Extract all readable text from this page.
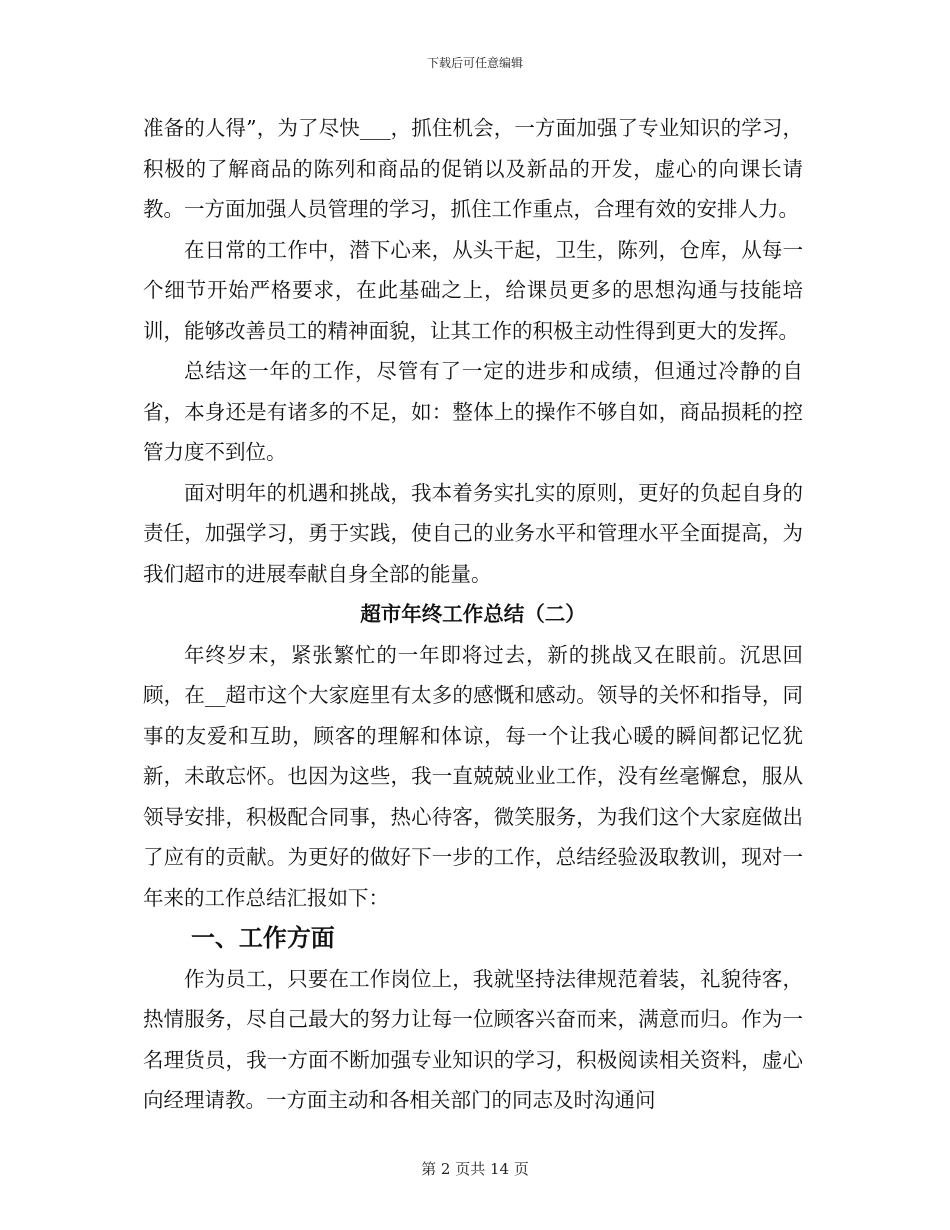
下载后可任意编辑

准备的人得”，为了尽快___，抓住机会，一方面加强了专业知识的学习，积极的了解商品的陈列和商品的促销以及新品的开发，虚心的向课长请教。一方面加强人员管理的学习，抓住工作重点，合理有效的安排人力。

在日常的工作中，潜下心来，从头干起，卫生，陈列，仓库，从每一个细节开始严格要求，在此基础之上，给课员更多的思想沟通与技能培训，能够改善员工的精神面貌，让其工作的积极主动性得到更大的发挥。

总结这一年的工作，尽管有了一定的进步和成绩，但通过冷静的自省，本身还是有诸多的不足，如：整体上的操作不够自如，商品损耗的控管力度不到位。

面对明年的机遇和挑战，我本着务实扎实的原则，更好的负起自身的责任，加强学习，勇于实践，使自己的业务水平和管理水平全面提高，为我们超市的进展奉献自身全部的能量。

超市年终工作总结（二）

年终岁末，紧张繁忙的一年即将过去，新的挑战又在眼前。沉思回顾，在__超市这个大家庭里有太多的感慨和感动。领导的关怀和指导，同事的友爱和互助，顾客的理解和体谅，每一个让我心暖的瞬间都记忆犹新，未敢忘怀。也因为这些，我一直兢兢业业工作，没有丝毫懈怠，服从领导安排，积极配合同事，热心待客，微笑服务，为我们这个大家庭做出了应有的贡献。为更好的做好下一步的工作，总结经验汲取教训，现对一年来的工作总结汇报如下：

一、工作方面

作为员工，只要在工作岗位上，我就坚持法律规范着装，礼貌待客，热情服务，尽自己最大的努力让每一位顾客兴奋而来，满意而归。作为一名理货员，我一方面不断加强专业知识的学习，积极阅读相关资料，虚心向经理请教。一方面主动和各相关部门的同志及时沟通问

第 2 页共 14 页
